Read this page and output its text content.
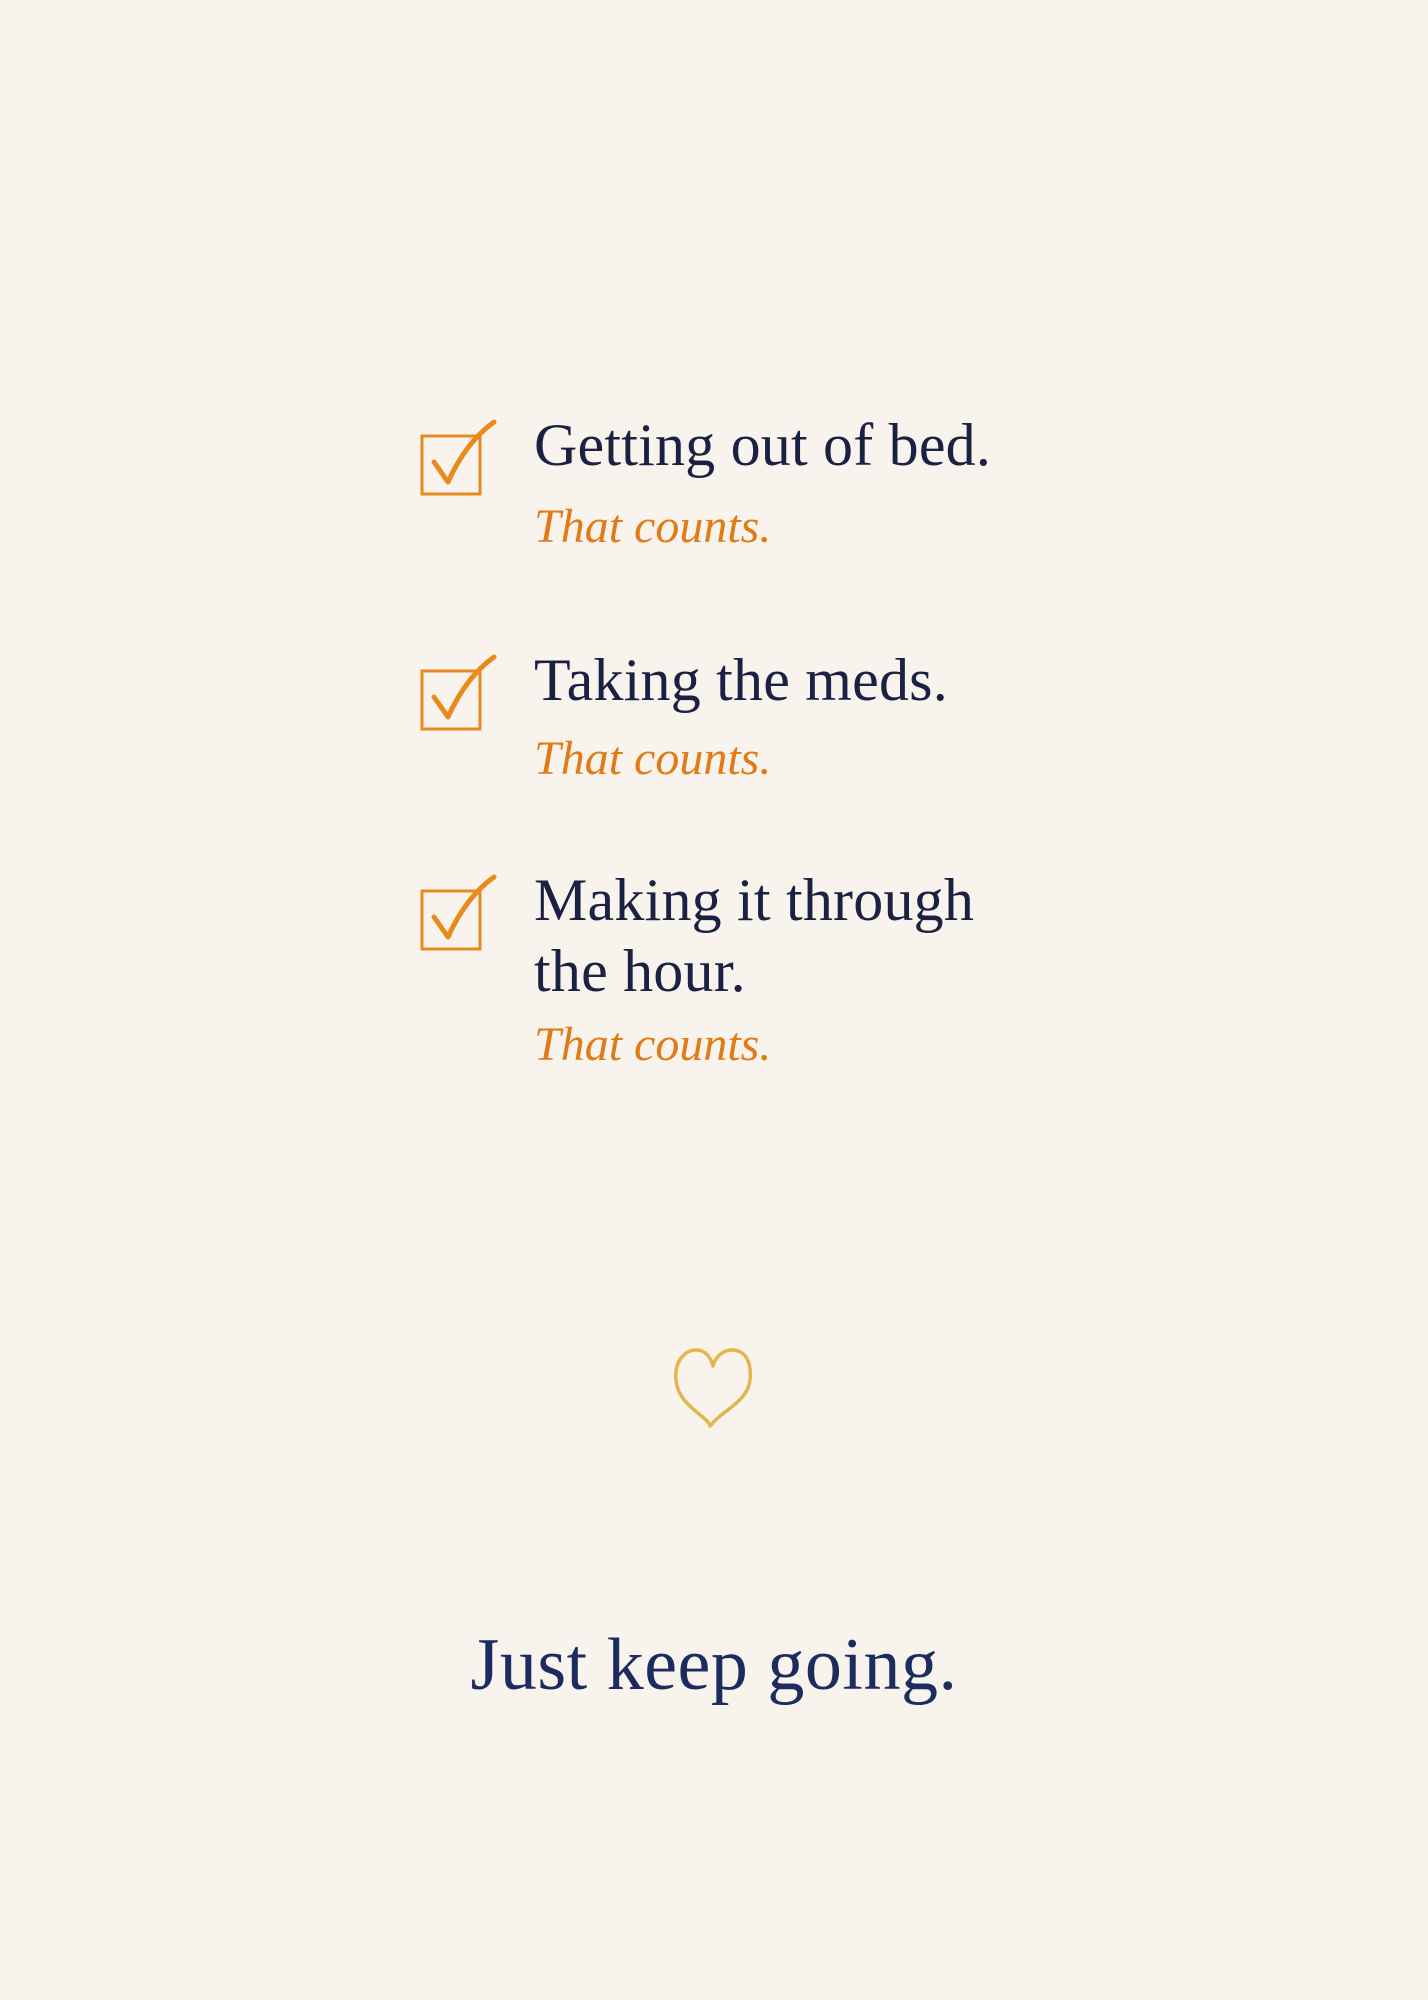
Getting out of bed.

That counts.

Taking the meds.

That counts.

Making it through
the hour.

That counts.

Just keep going.
